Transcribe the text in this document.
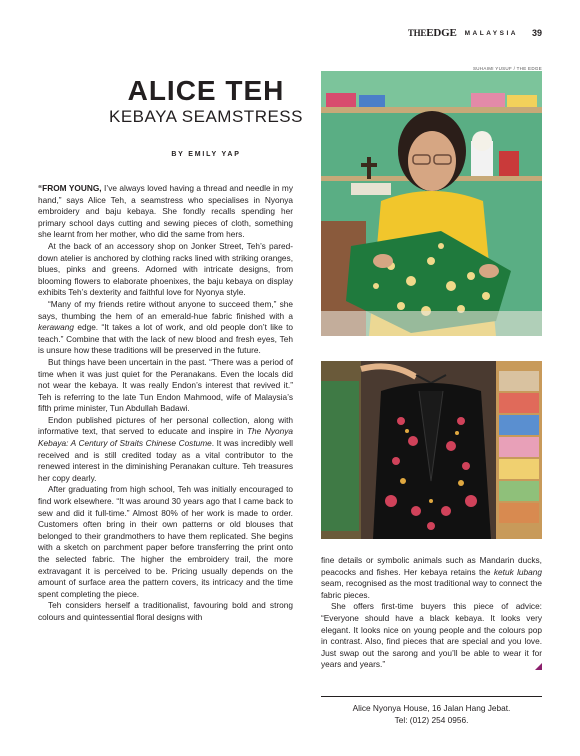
THEEDGE MALAYSIA 39
ALICE TEH
KEBAYA SEAMSTRESS
BY EMILY YAP
SUHAIMI YUSUF / THE EDGE

“FROM YOUNG, I’ve always loved having a thread and needle in my hand,” says Alice Teh, a seamstress who specialises in Nyonya embroidery and baju kebaya. She fondly recalls spending her primary school days cutting and sewing pieces of cloth, something she learnt from her mother, who did the same from hers.

At the back of an accessory shop on Jonker Street, Teh’s pared-down atelier is anchored by clothing racks lined with striking oranges, blues, pinks and greens. Adorned with intricate designs, from blooming flowers to elaborate phoenixes, the baju kebaya on display exhibits Teh’s dexterity and faithful love for Nyonya style.

“Many of my friends retire without anyone to succeed them,” she says, thumbing the hem of an emerald-hue fabric finished with a kerawang edge. “It takes a lot of work, and old people don’t like to teach.” Combine that with the lack of new blood and fresh eyes, Teh is unsure how these traditions will be preserved in the future.

But things have been uncertain in the past. “There was a period of time when it was just quiet for the Peranakans. Even the locals did not wear the kebaya. It was really Endon’s interest that revived it.” Teh is referring to the late Tun Endon Mahmood, wife of Malaysia’s fifth prime minister, Tun Abdullah Badawi.

Endon published pictures of her personal collection, along with informative text, that served to educate and inspire in The Nyonya Kebaya: A Century of Straits Chinese Costume. It was incredibly well received and is still credited today as a vital contributor to the renewed interest in the diminishing Peranakan culture. Teh treasures her copy dearly.

After graduating from high school, Teh was initially encouraged to find work elsewhere. “It was around 30 years ago that I came back to sew and did it full-time.” Almost 80% of her work is made to order. Customers often bring in their own patterns or old blouses that belonged to their grandmothers to have them replicated. She begins with a sketch on parchment paper before transferring the print onto the selected fabric. The higher the embroidery trail, the more extravagant it is perceived to be. Pricing usually depends on the amount of surface area the pattern covers, its intricacy and the time spent completing the piece.

Teh considers herself a traditionalist, favouring bold and strong colours and quintessential floral designs with

fine details or symbolic animals such as Mandarin ducks, peacocks and fishes. Her kebaya retains the ketuk lubang seam, recognised as the most traditional way to connect the fabric pieces.

She offers first-time buyers this piece of advice: “Everyone should have a black kebaya. It looks very elegant. It looks nice on young people and the colours pop in contrast. Also, find pieces that are special and you love. Just swap out the sarong and you’ll be able to wear it for years and years.”

Alice Nyonya House, 16 Jalan Hang Jebat.
Tel: (012) 254 0956.
